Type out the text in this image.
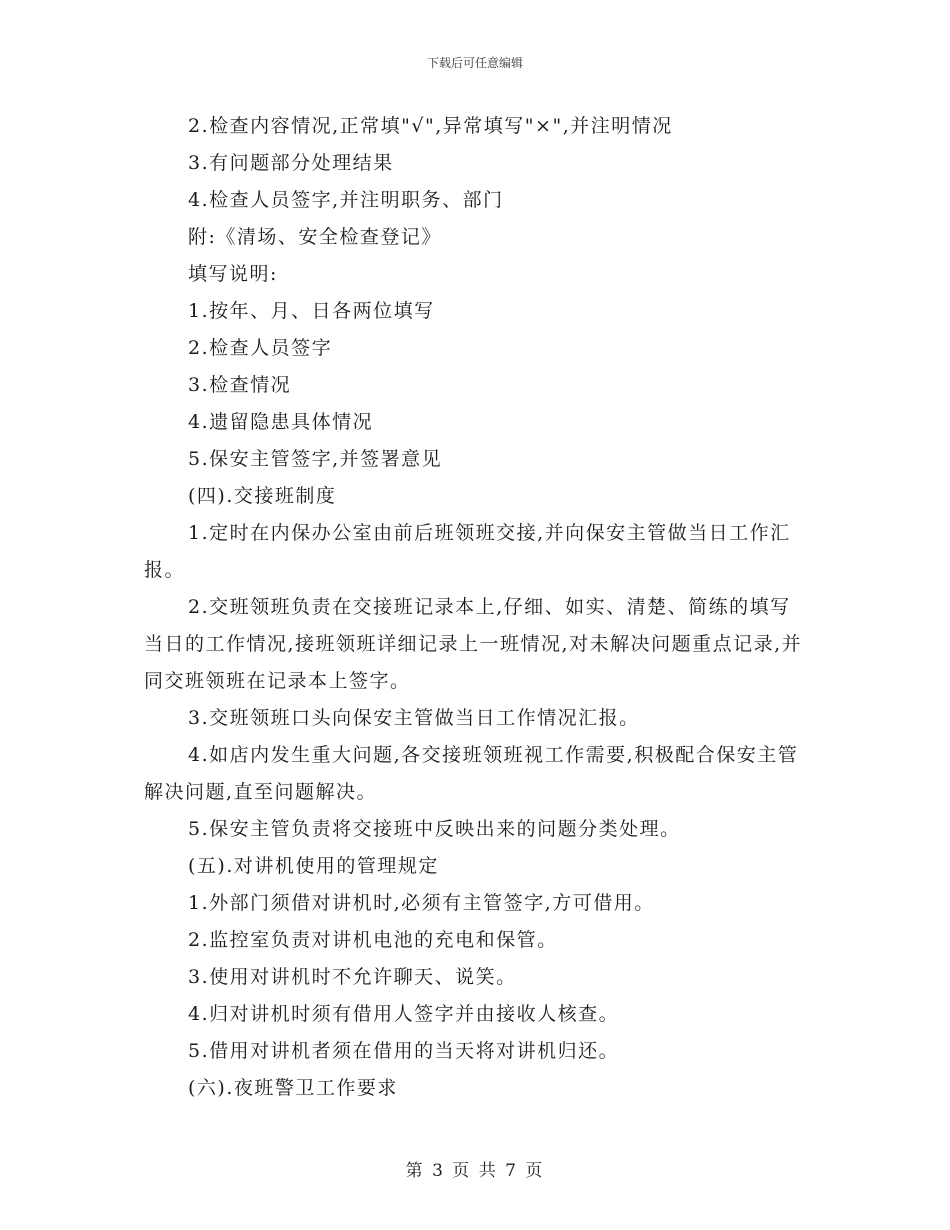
下载后可任意编辑
2.检查内容情况,正常填"√",异常填写"×",并注明情况
3.有问题部分处理结果
4.检查人员签字,并注明职务、部门
附:《清场、安全检查登记》
填写说明:
1.按年、月、日各两位填写
2.检查人员签字
3.检查情况
4.遗留隐患具体情况
5.保安主管签字,并签署意见
(四).交接班制度
1.定时在内保办公室由前后班领班交接,并向保安主管做当日工作汇报。
2.交班领班负责在交接班记录本上,仔细、如实、清楚、简练的填写当日的工作情况,接班领班详细记录上一班情况,对未解决问题重点记录,并同交班领班在记录本上签字。
3.交班领班口头向保安主管做当日工作情况汇报。
4.如店内发生重大问题,各交接班领班视工作需要,积极配合保安主管解决问题,直至问题解决。
5.保安主管负责将交接班中反映出来的问题分类处理。
(五).对讲机使用的管理规定
1.外部门须借对讲机时,必须有主管签字,方可借用。
2.监控室负责对讲机电池的充电和保管。
3.使用对讲机时不允许聊天、说笑。
4.归对讲机时须有借用人签字并由接收人核查。
5.借用对讲机者须在借用的当天将对讲机归还。
(六).夜班警卫工作要求
第 3 页 共 7 页
